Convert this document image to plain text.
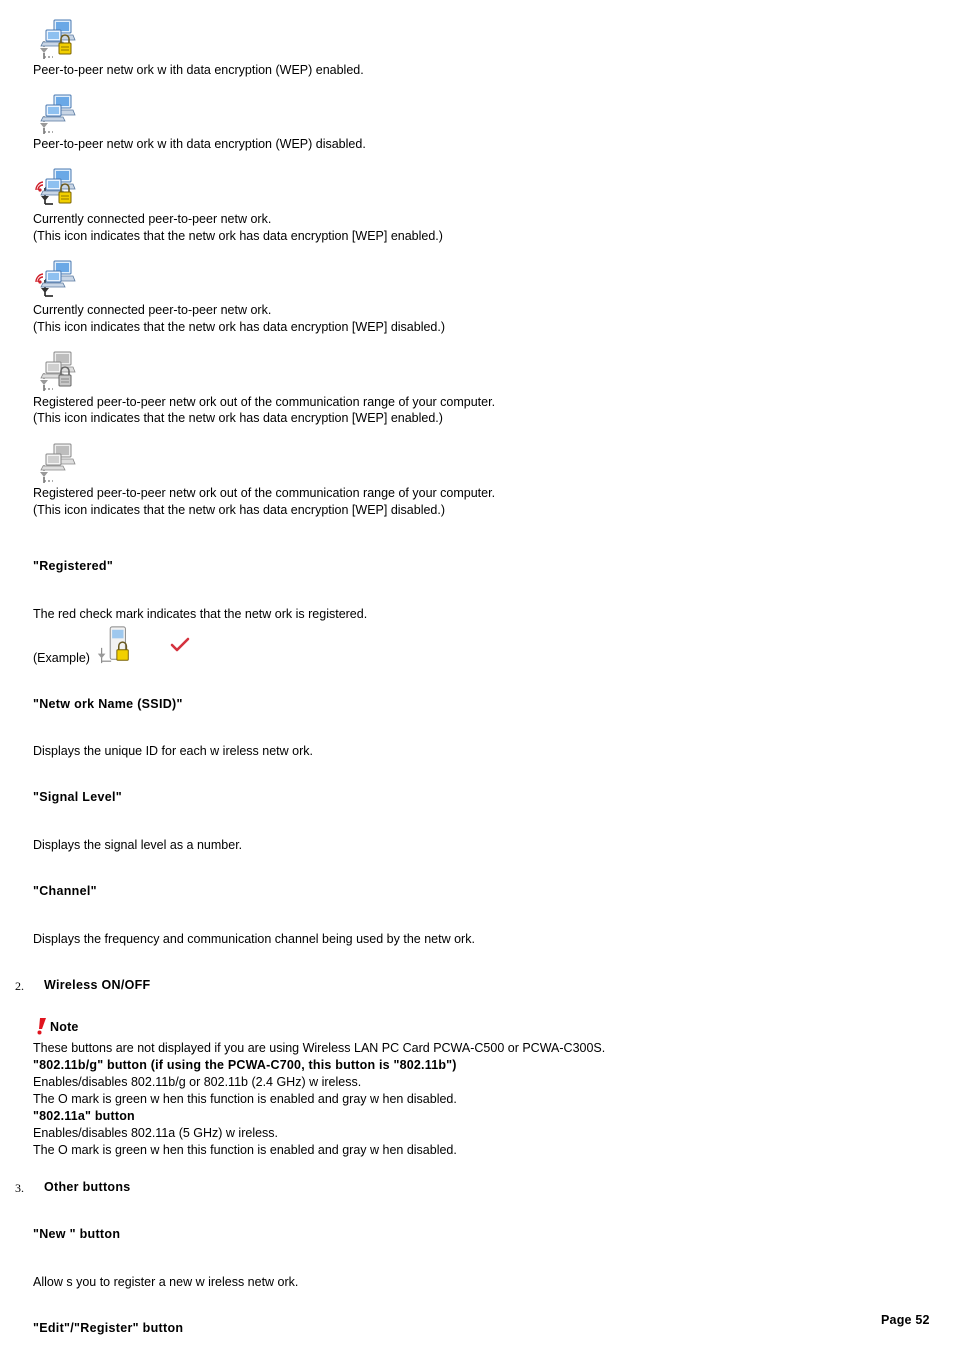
Peer-to-peer netw ork w ith data encryption (WEP) enabled.
Peer-to-peer netw ork w ith data encryption (WEP) disabled.
Currently connected peer-to-peer netw ork.
(This icon indicates that the netw ork has data encryption [WEP] enabled.)
Currently connected peer-to-peer netw ork.
(This icon indicates that the netw ork has data encryption [WEP] disabled.)
Registered peer-to-peer netw ork out of the communication range of your computer.
(This icon indicates that the netw ork has data encryption [WEP] enabled.)
Registered peer-to-peer netw ork out of the communication range of your computer.
(This icon indicates that the netw ork has data encryption [WEP] disabled.)
"Registered"
The red check mark indicates that the netw ork is registered.
(Example)
"Netw ork Name (SSID)"
Displays the unique ID for each w ireless netw ork.
"Signal Level"
Displays the signal level as a number.
"Channel"
Displays the frequency and communication channel being used by the netw ork.
2. Wireless ON/OFF
Note
These buttons are not displayed if you are using Wireless LAN PC Card PCWA-C500 or PCWA-C300S.
"802.11b/g" button (if using the PCWA-C700, this button is "802.11b")
Enables/disables 802.11b/g or 802.11b (2.4 GHz) w ireless.
The O mark is green w hen this function is enabled and gray w hen disabled.
"802.11a" button
Enables/disables 802.11a (5 GHz) w ireless.
The O mark is green w hen this function is enabled and gray w hen disabled.
3. Other buttons
"New " button
Allow s you to register a new w ireless netw ork.
"Edit"/"Register" button
Page 52
